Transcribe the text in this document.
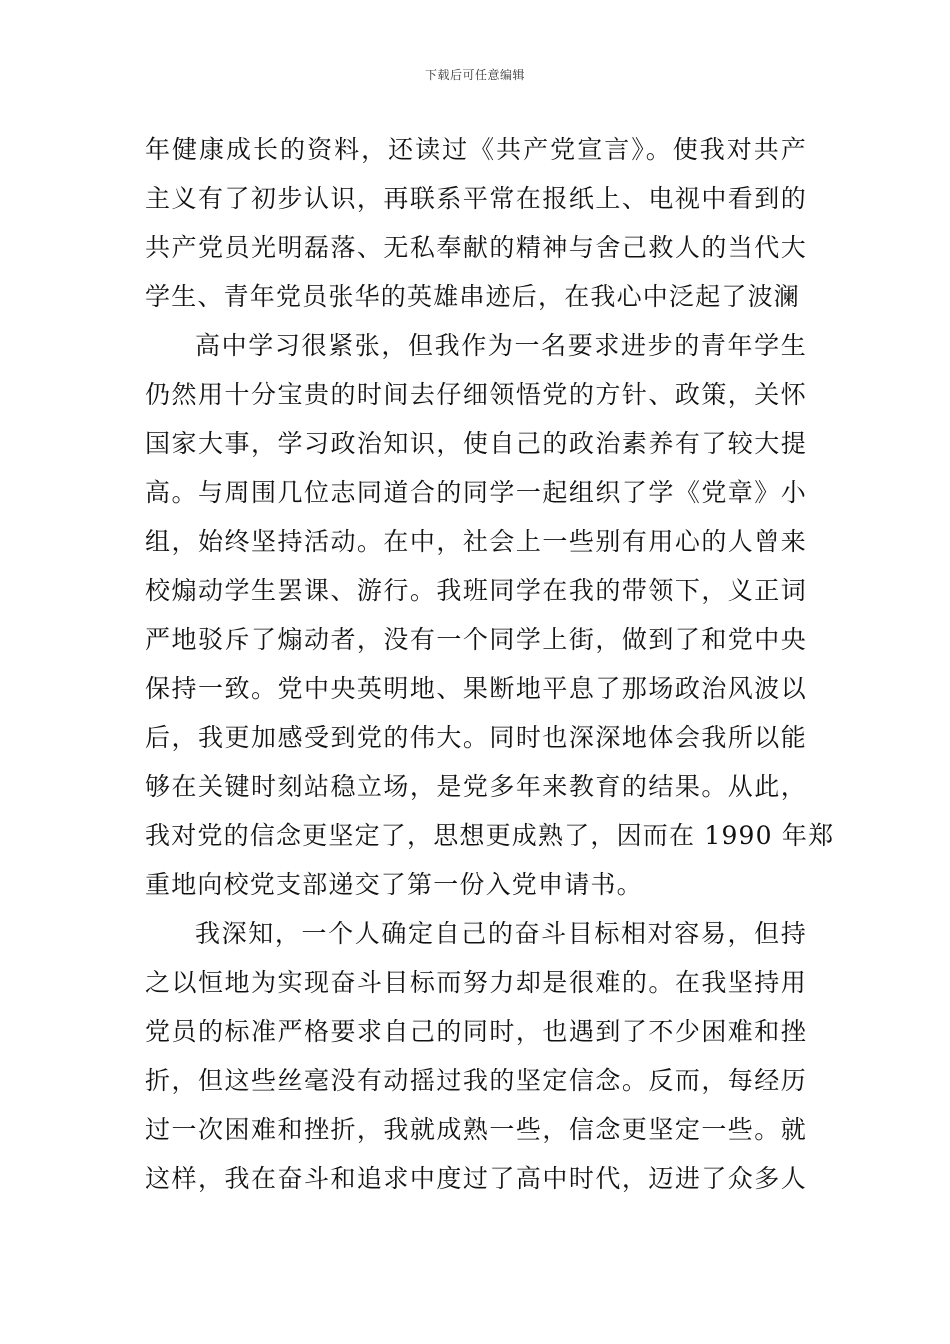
下载后可任意编辑
年健康成长的资料，还读过《共产党宣言》。使我对共产
主义有了初步认识，再联系平常在报纸上、电视中看到的
共产党员光明磊落、无私奉献的精神与舍己救人的当代大
学生、青年党员张华的英雄串迹后，在我心中泛起了波澜
高中学习很紧张，但我作为一名要求进步的青年学生
仍然用十分宝贵的时间去仔细领悟党的方针、政策，关怀
国家大事，学习政治知识，使自己的政治素养有了较大提
高。与周围几位志同道合的同学一起组织了学《党章》小
组，始终坚持活动。在中，社会上一些别有用心的人曾来
校煽动学生罢课、游行。我班同学在我的带领下，义正词
严地驳斥了煽动者，没有一个同学上街，做到了和党中央
保持一致。党中央英明地、果断地平息了那场政治风波以
后，我更加感受到党的伟大。同时也深深地体会我所以能
够在关键时刻站稳立场，是党多年来教育的结果。从此，
我对党的信念更坚定了，思想更成熟了，因而在 1990 年郑
重地向校党支部递交了第一份入党申请书。
我深知，一个人确定自己的奋斗目标相对容易，但持
之以恒地为实现奋斗目标而努力却是很难的。在我坚持用
党员的标准严格要求自己的同时，也遇到了不少困难和挫
折，但这些丝毫没有动摇过我的坚定信念。反而，每经历
过一次困难和挫折，我就成熟一些，信念更坚定一些。就
这样，我在奋斗和追求中度过了高中时代，迈进了众多人
